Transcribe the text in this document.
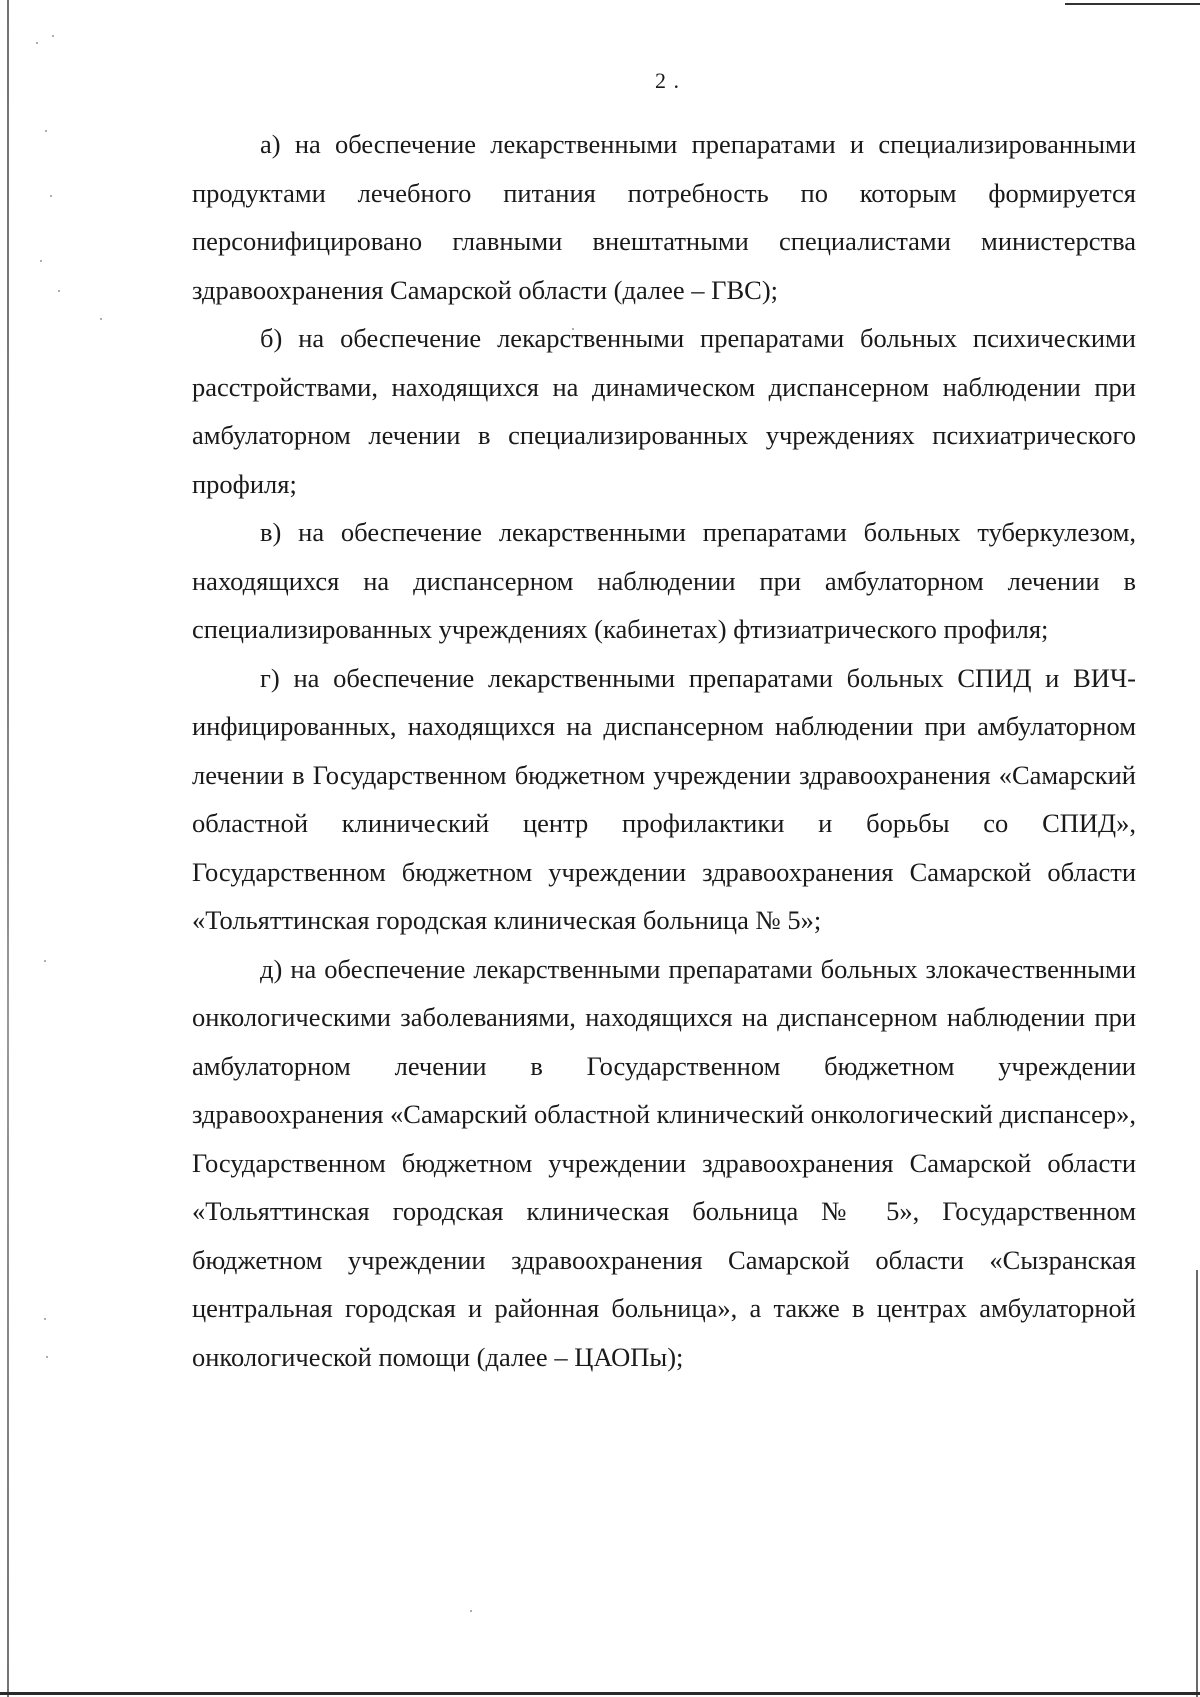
2 .

а) на обеспечение лекарственными препаратами и специализированными продуктами лечебного питания потребность по которым формируется персонифицировано главными внештатными специалистами министерства здравоохранения Самарской области (далее – ГВС);

б) на обеспечение лекарственными препаратами больных психическими расстройствами, находящихся на динамическом диспансерном наблюдении при амбулаторном лечении в специализированных учреждениях психиатрического профиля;

в) на обеспечение лекарственными препаратами больных туберкулезом, находящихся на диспансерном наблюдении при амбулаторном лечении в специализированных учреждениях (кабинетах) фтизиатрического профиля;

г) на обеспечение лекарственными препаратами больных СПИД и ВИЧ-инфицированных, находящихся на диспансерном наблюдении при амбулаторном лечении в Государственном бюджетном учреждении здравоохранения «Самарский областной клинический центр профилактики и борьбы со СПИД», Государственном бюджетном учреждении здравоохранения Самарской области «Тольяттинская городская клиническая больница № 5»;

д) на обеспечение лекарственными препаратами больных злокачественными онкологическими заболеваниями, находящихся на диспансерном наблюдении при амбулаторном лечении в Государственном бюджетном учреждении здравоохранения «Самарский областной клинический онкологический диспансер», Государственном бюджетном учреждении здравоохранения Самарской области «Тольяттинская городская клиническая больница № 5», Государственном бюджетном учреждении здравоохранения Самарской области «Сызранская центральная городская и районная больница», а также в центрах амбулаторной онкологической помощи (далее – ЦАОПы);
